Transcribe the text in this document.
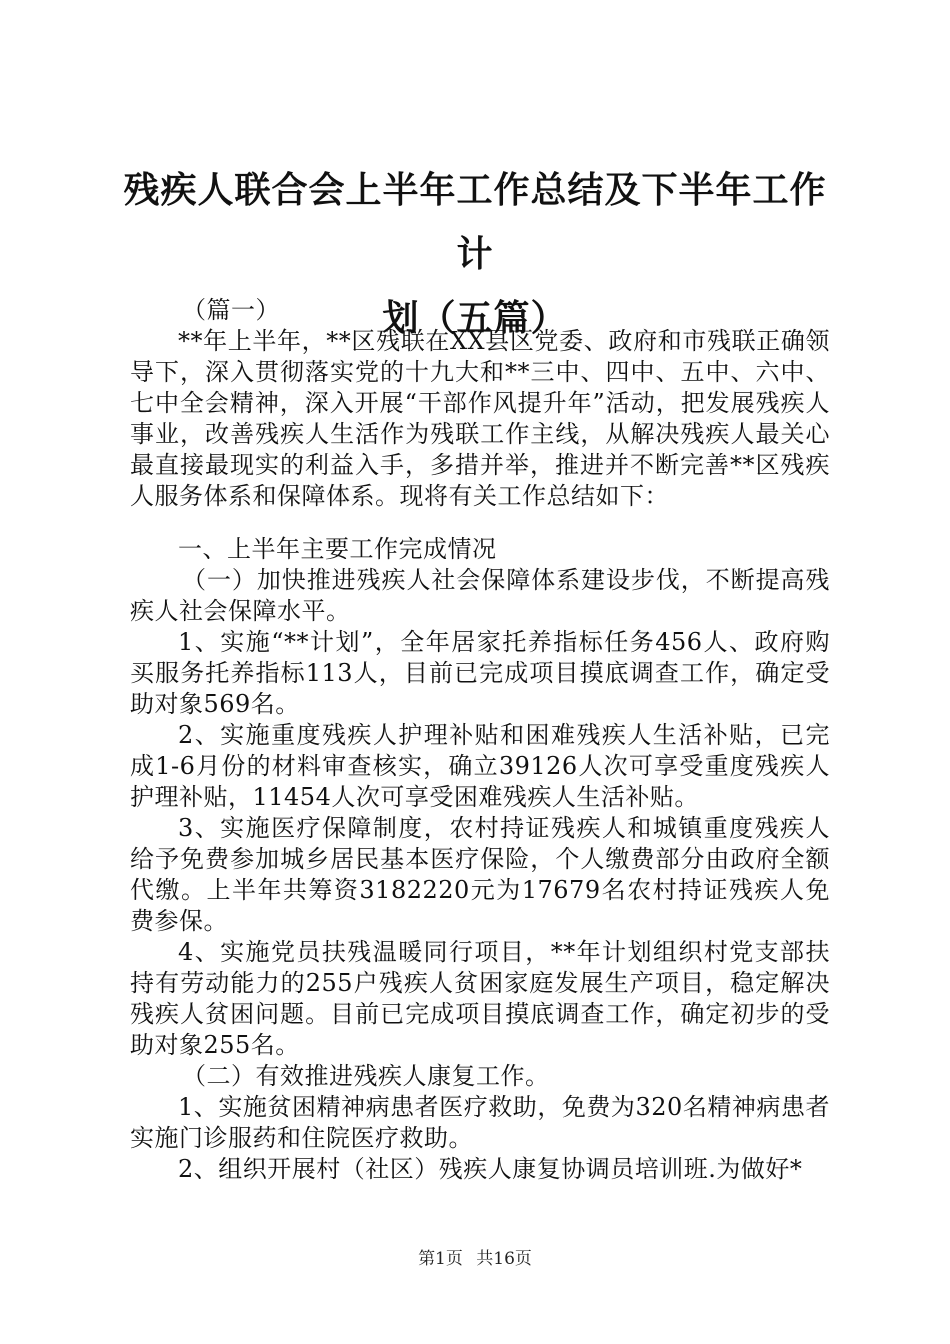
残疾人联合会上半年工作总结及下半年工作计
划（五篇）

（篇一）

**年上半年，**区残联在XX县区党委、政府和市残联正确领导下，深入贯彻落实党的十九大和**三中、四中、五中、六中、七中全会精神，深入开展“干部作风提升年”活动，把发展残疾人事业，改善残疾人生活作为残联工作主线，从解决残疾人最关心最直接最现实的利益入手，多措并举，推进并不断完善**区残疾人服务体系和保障体系。现将有关工作总结如下：

一、上半年主要工作完成情况

（一）加快推进残疾人社会保障体系建设步伐，不断提高残疾人社会保障水平。

1、实施“**计划”，全年居家托养指标任务456人、政府购买服务托养指标113人，目前已完成项目摸底调查工作，确定受助对象569名。

2、实施重度残疾人护理补贴和困难残疾人生活补贴，已完成1-6月份的材料审查核实，确立39126人次可享受重度残疾人护理补贴，11454人次可享受困难残疾人生活补贴。

3、实施医疗保障制度，农村持证残疾人和城镇重度残疾人给予免费参加城乡居民基本医疗保险，个人缴费部分由政府全额代缴。上半年共筹资3182220元为17679名农村持证残疾人免费参保。

4、实施党员扶残温暖同行项目，**年计划组织村党支部扶持有劳动能力的255户残疾人贫困家庭发展生产项目，稳定解决残疾人贫困问题。目前已完成项目摸底调查工作，确定初步的受助对象255名。

（二）有效推进残疾人康复工作。

1、实施贫困精神病患者医疗救助，免费为320名精神病患者实施门诊服药和住院医疗救助。

2、组织开展村（社区）残疾人康复协调员培训班.为做好*

第1页 共16页
